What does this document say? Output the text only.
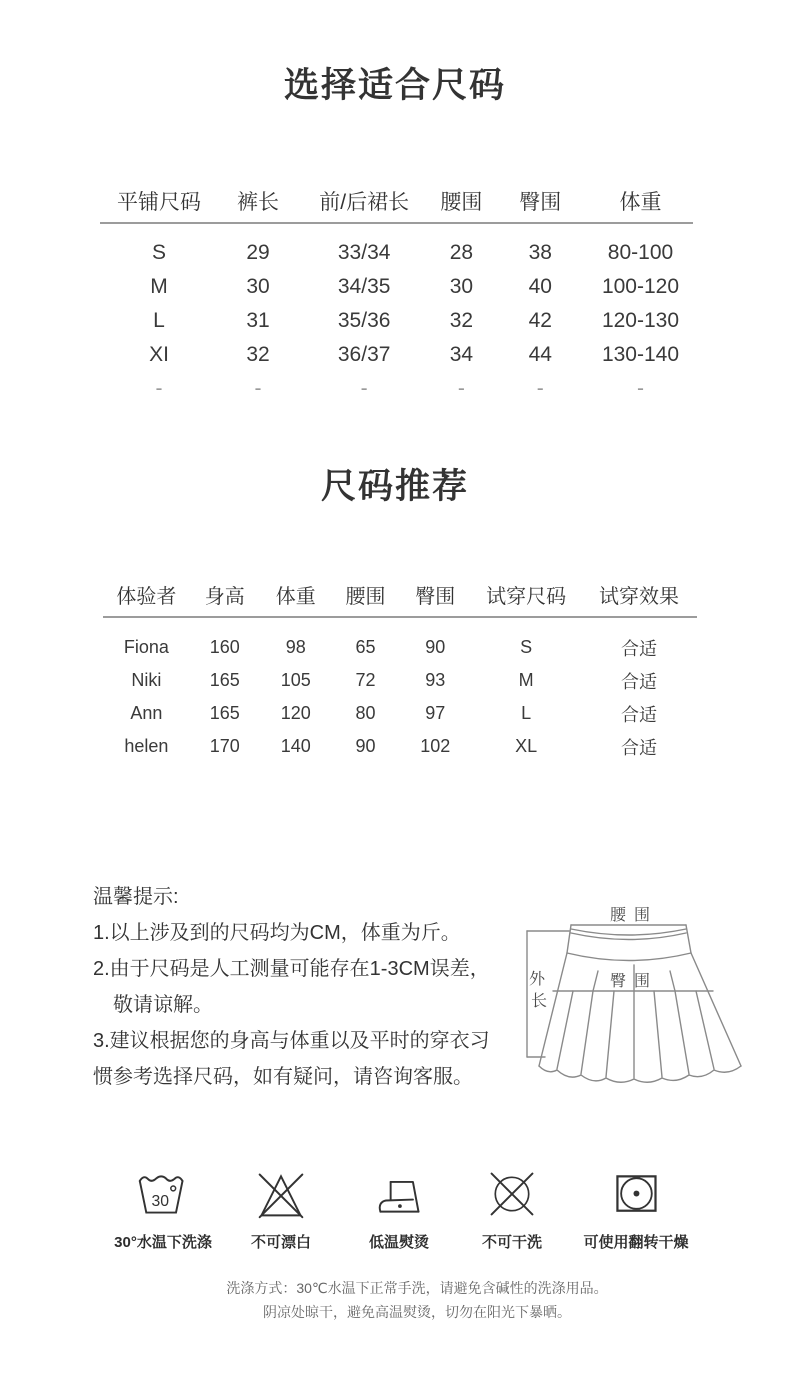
选择适合尺码
平铺尺码	裤长	前/后裙长	腰围	臀围	体重
S	29	33/34	28	38	80-100
M	30	34/35	30	40	100-120
L	31	35/36	32	42	120-130
XI	32	36/37	34	44	130-140
-	-	-	-	-	-
尺码推荐
体验者	身高	体重	腰围	臀围	试穿尺码	试穿效果
Fiona	160	98	65	90	S	合适
Niki	165	105	72	93	M	合适
Ann	165	120	80	97	L	合适
helen	170	140	90	102	XL	合适
温馨提示:
1.以上涉及到的尺码均为CM，体重为斤。
2.由于尺码是人工测量可能存在1-3CM误差，
敬请谅解。
3.建议根据您的身高与体重以及平时的穿衣习
惯参考选择尺码，如有疑问，请咨询客服。
腰围
臀围
外
长
30
30°水温下洗涤	不可漂白	低温熨烫	不可干洗	可使用翻转干燥
洗涤方式：30℃水温下正常手洗，请避免含碱性的洗涤用品。
阴凉处晾干，避免高温熨烫，切勿在阳光下暴晒。
